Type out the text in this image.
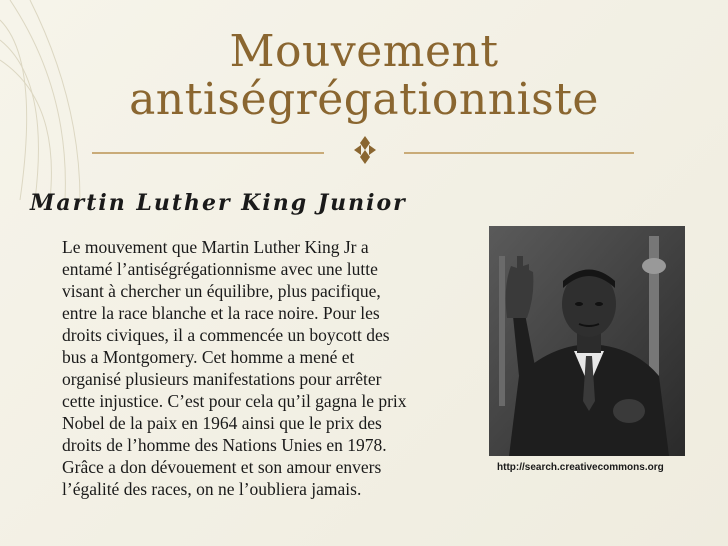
Mouvement
antiségrégationniste
Martin Luther King Junior
Le mouvement que Martin Luther King Jr a
entamé l’antiségrégationnisme avec une lutte
visant à chercher un équilibre, plus pacifique,
entre la race blanche et la race noire. Pour les
droits civiques, il a commencée un boycott des
bus a Montgomery. Cet homme a mené et
organisé plusieurs manifestations pour arrêter
cette injustice. C’est pour cela qu’il gagna le prix
Nobel de la paix en 1964 ainsi que le prix des
droits de l’homme des Nations Unies en 1978.
Grâce a don dévouement et son amour envers
l’égalité des races, on ne l’oubliera jamais.
http://search.creativecommons.org
